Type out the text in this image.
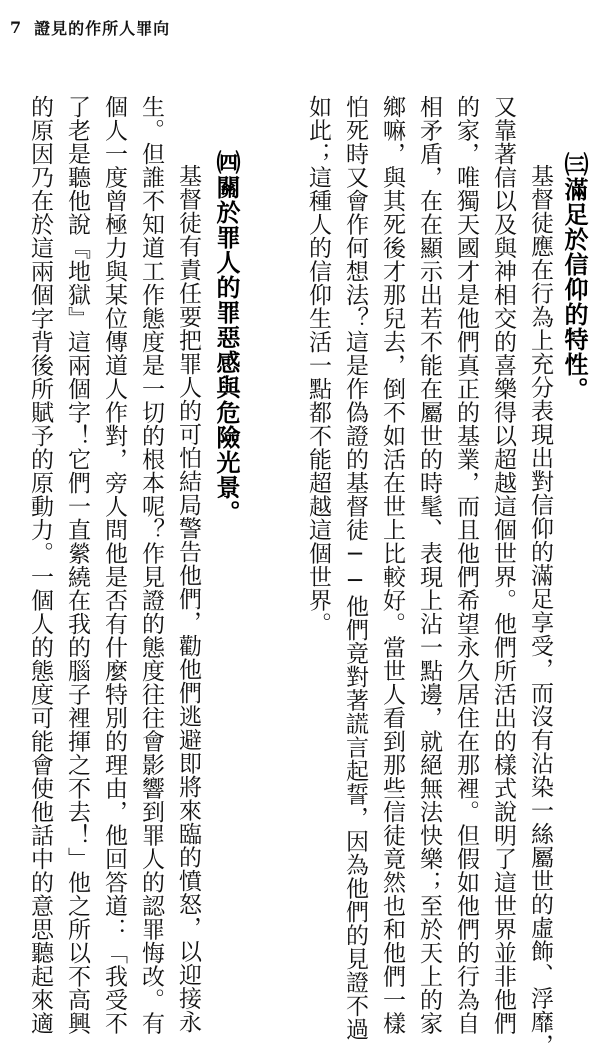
7 證見的作所人罪向
㈢滿足於信仰的特性。
基督徒應在行為上充分表現出對信仰的滿足享受，而沒有沾染一絲屬世的虛飾、浮靡，
又靠著信以及與神相交的喜樂得以超越這個世界。他們所活出的樣式說明了這世界並非他們
的家，唯獨天國才是他們真正的基業，而且他們希望永久居住在那裡。但假如他們的行為自
相矛盾，在在顯示出若不能在屬世的時髦、表現上沾一點邊，就絕無法快樂；至於天上的家
鄉嘛，與其死後才那兒去，倒不如活在世上比較好。當世人看到那些信徒竟然也和他們一樣
怕死時又會作何想法？這是作偽證的基督徒──他們竟對著謊言起誓，因為他們的見證不過
如此；這種人的信仰生活一點都不能超越這個世界。
㈣關於罪人的罪惡感與危險光景。
基督徒有責任要把罪人的可怕結局警告他們，勸他們逃避即將來臨的憤怒，以迎接永
生。但誰不知道工作態度是一切的根本呢？作見證的態度往往會影響到罪人的認罪悔改。有
個人一度曾極力與某位傳道人作對，旁人問他是否有什麼特別的理由，他回答道：「我受不
了老是聽他說『地獄』這兩個字！它們一直縈繞在我的腦子裡揮之不去！」他之所以不高興
的原因乃在於這兩個字背後所賦予的原動力。一個人的態度可能會使他話中的意思聽起來適
